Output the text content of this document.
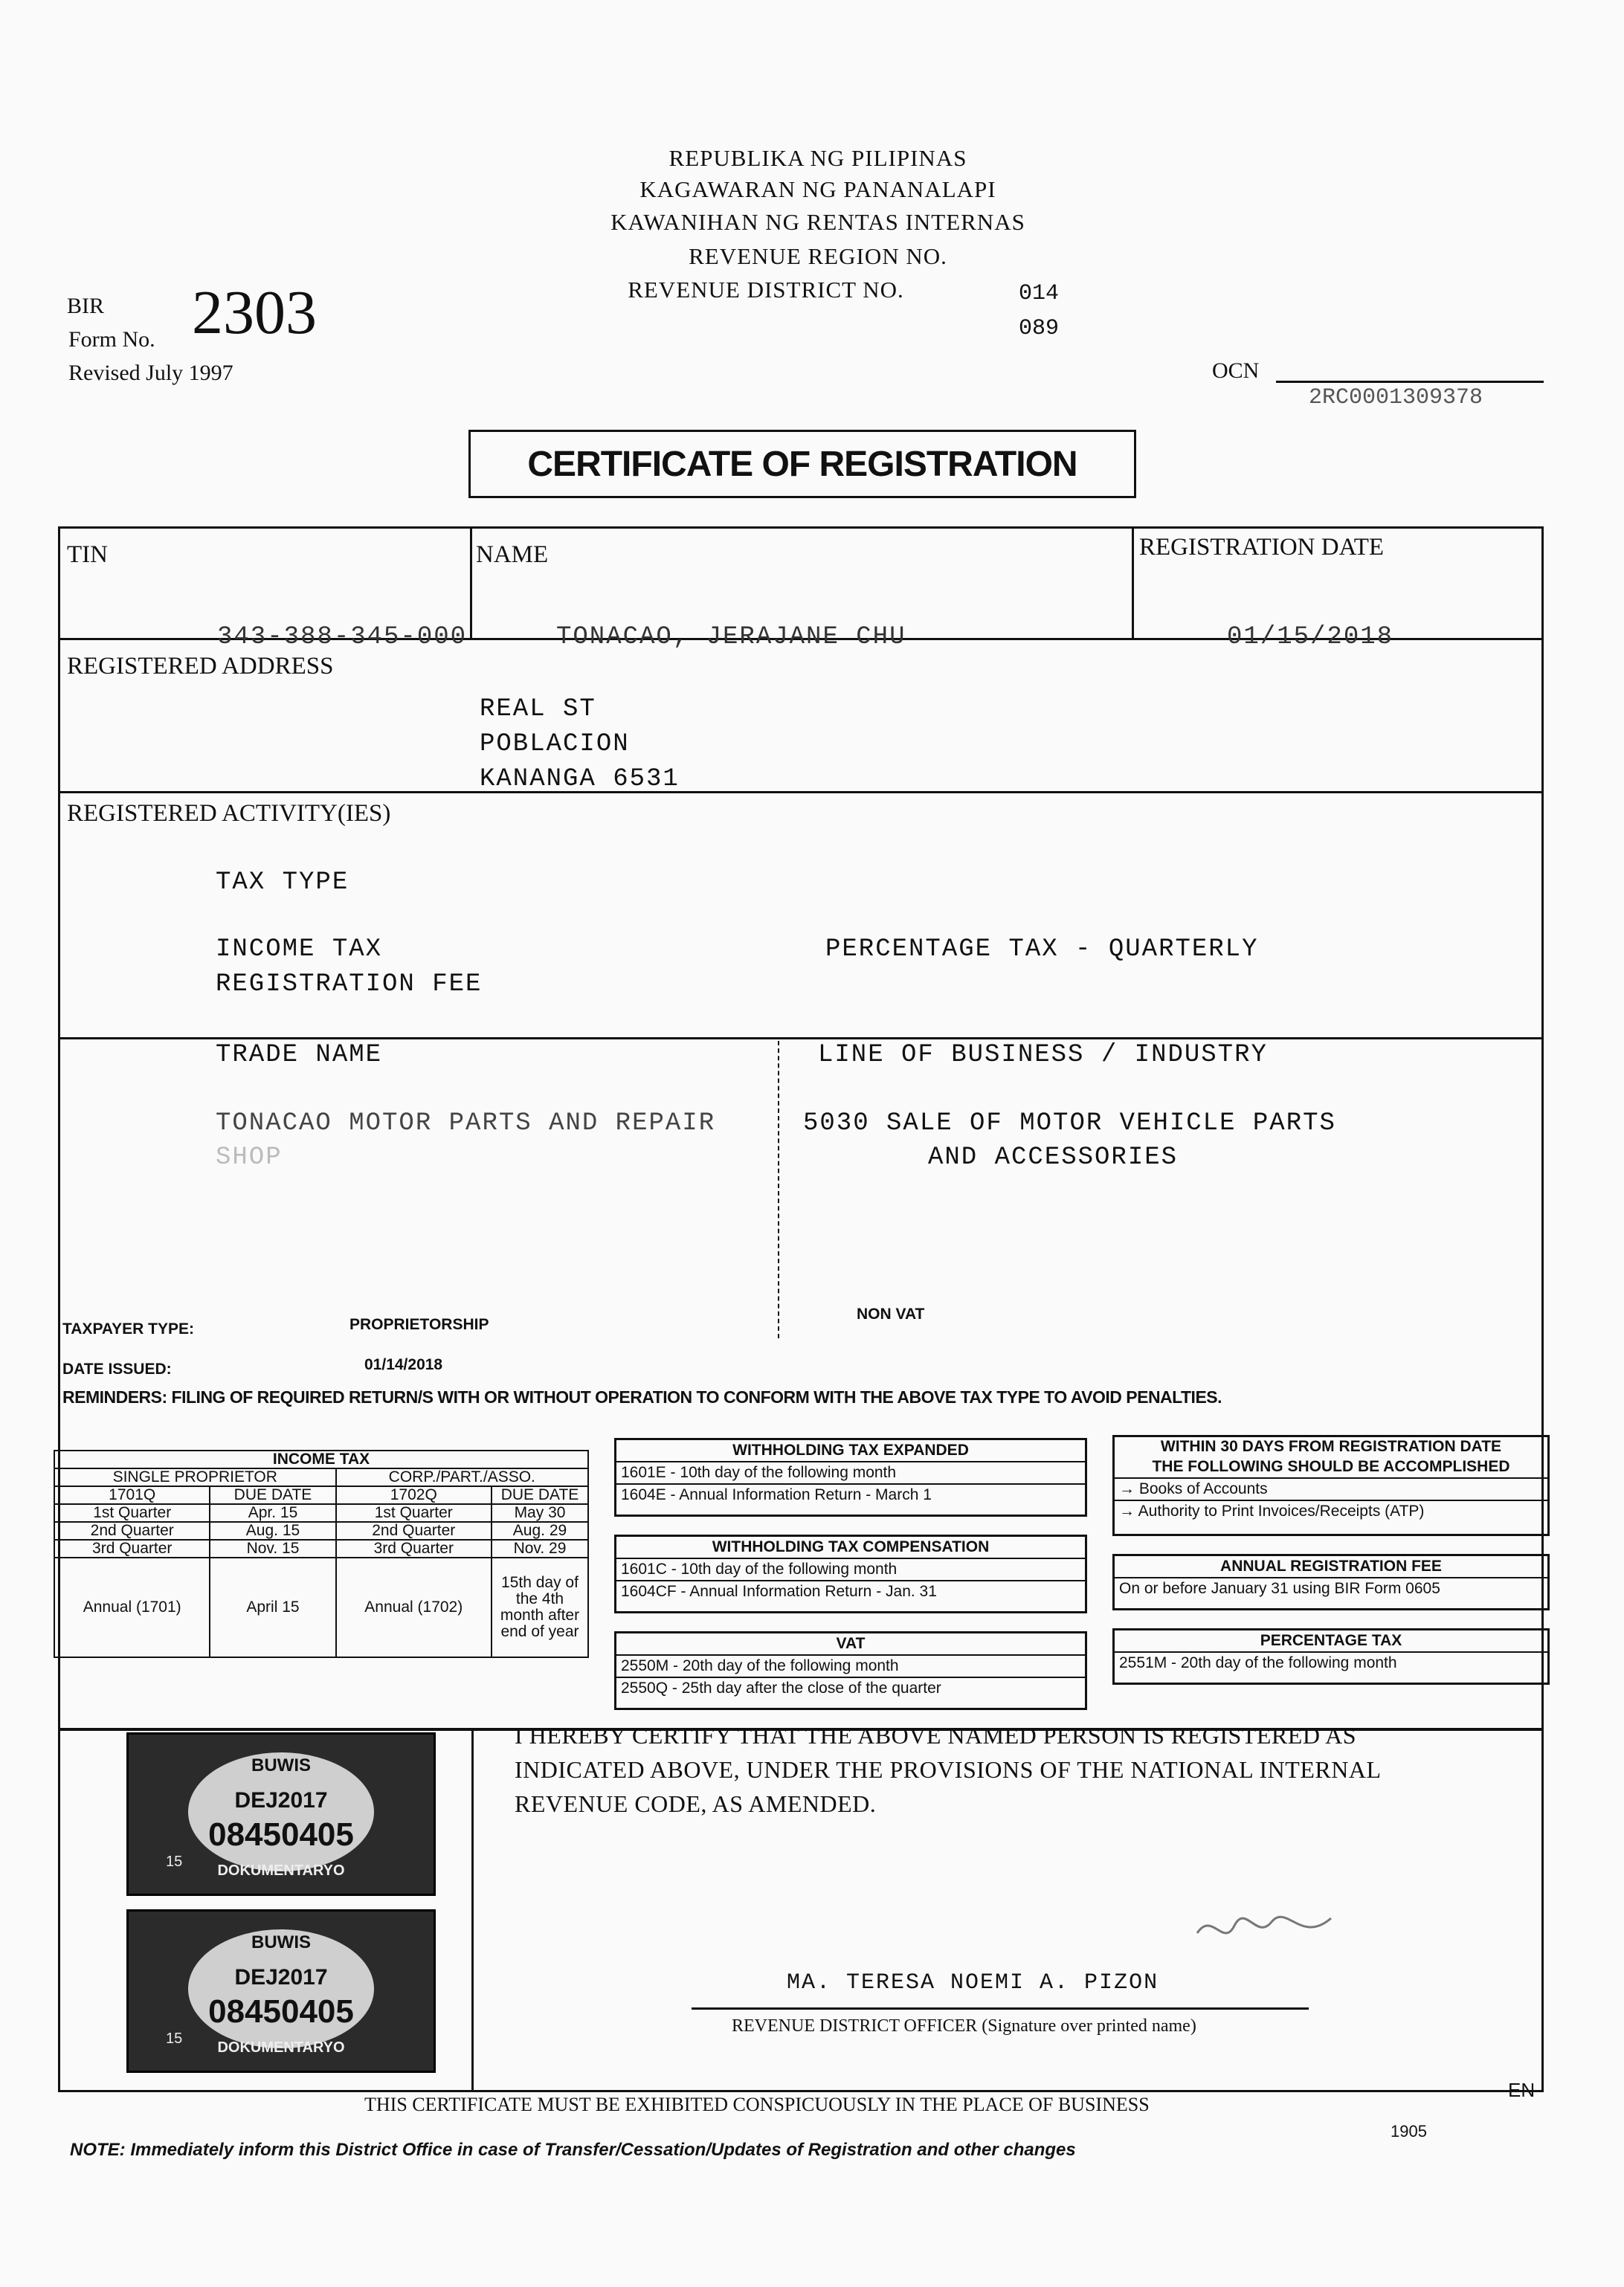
REPUBLIKA NG PILIPINAS
KAGAWARAN NG PANANALAPI
KAWANIHAN NG RENTAS INTERNAS
REVENUE REGION NO.
REVENUE DISTRICT NO.	014
089
BIR
Form No. 2303
Revised July 1997	OCN
2RC0001309378
CERTIFICATE OF REGISTRATION
TIN	NAME	REGISTRATION DATE
343-388-345-000	TONACAO, JERAJANE CHU	01/15/2018
REGISTERED ADDRESS
REAL ST
POBLACION
KANANGA 6531
REGISTERED ACTIVITY(IES)
TAX TYPE
INCOME TAX
REGISTRATION FEE
PERCENTAGE TAX - QUARTERLY
TRADE NAME	LINE OF BUSINESS / INDUSTRY
TONACAO MOTOR PARTS AND REPAIR
SHOP
5030 SALE OF MOTOR VEHICLE PARTS
AND ACCESSORIES
TAXPAYER TYPE:	PROPRIETORSHIP
NON VAT
DATE ISSUED:	01/14/2018
REMINDERS: FILING OF REQUIRED RETURN/S WITH OR WITHOUT OPERATION TO CONFORM WITH THE ABOVE TAX TYPE TO AVOID PENALTIES.
INCOME TAX			
SINGLE PROPRIETOR		CORP./PART./ASSO.	
1701Q	DUE DATE	1702Q	DUE DATE
1st Quarter	Apr. 15	1st Quarter	May 30
2nd Quarter	Aug. 15	2nd Quarter	Aug. 29
3rd Quarter	Nov. 15	3rd Quarter	Nov. 29
Annual (1701)	April 15	Annual (1702)	15th day of the 4th month after end of year
WITHHOLDING TAX EXPANDED
1601E - 10th day of the following month
1604E - Annual Information Return - March 1
WITHHOLDING TAX COMPENSATION
1601C - 10th day of the following month
1604CF - Annual Information Return - Jan. 31
VAT
2550M - 20th day of the following month
2550Q - 25th day after the close of the quarter
WITHIN 30 DAYS FROM REGISTRATION DATE
THE FOLLOWING SHOULD BE ACCOMPLISHED
→ Books of Accounts
→ Authority to Print Invoices/Receipts (ATP)
ANNUAL REGISTRATION FEE
On or before January 31 using BIR Form 0605
PERCENTAGE TAX
2551M - 20th day of the following month
BUWIS
DEJ2017
08450405
DOKUMENTARYO
15
BUWIS
DEJ2017
08450405
DOKUMENTARYO
15
I HEREBY CERTIFY THAT THE ABOVE NAMED PERSON IS REGISTERED AS
INDICATED ABOVE, UNDER THE PROVISIONS OF THE NATIONAL INTERNAL
REVENUE CODE, AS AMENDED.
MA. TERESA NOEMI A. PIZON
REVENUE DISTRICT OFFICER (Signature over printed name)
THIS CERTIFICATE MUST BE EXHIBITED CONSPICUOUSLY IN THE PLACE OF BUSINESS
EN
NOTE: Immediately inform this District Office in case of Transfer/Cessation/Updates of Registration and other changes
1905
